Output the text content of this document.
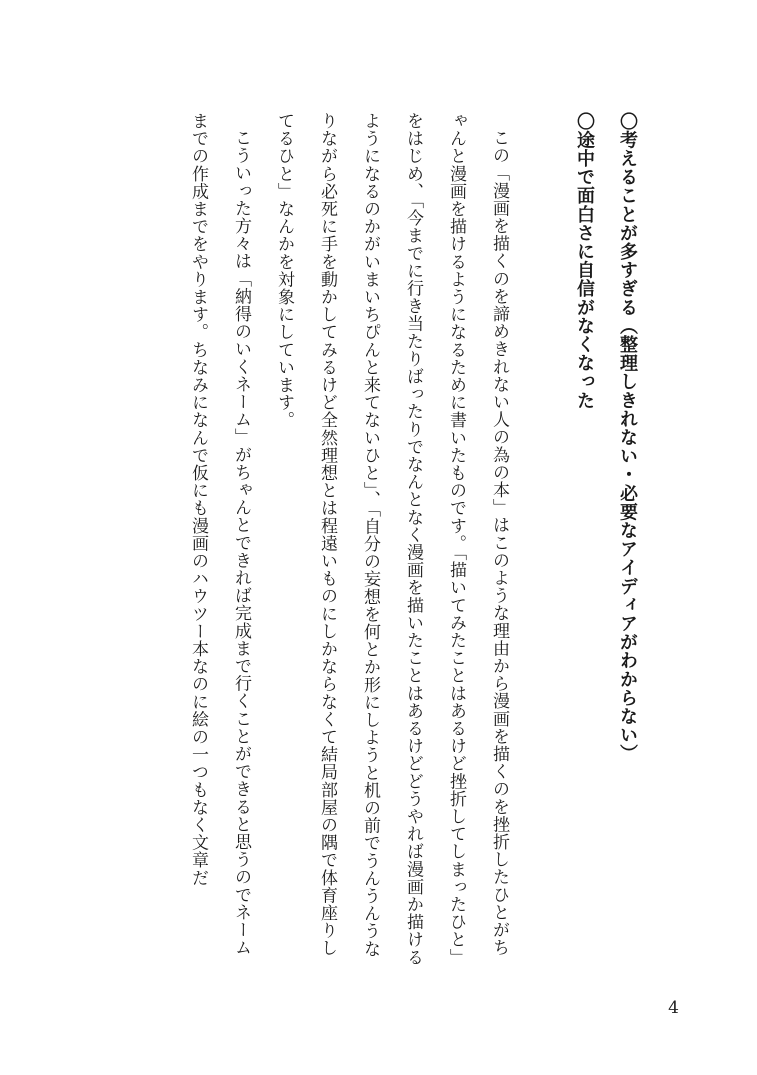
〇考えることが多すぎる（整理しきれない・必要なアイディアがわからない）

〇途中で面白さに自信がなくなった

この「漫画を描くのを諦めきれない人の為の本」はこのような理由から漫画を描くのを挫折したひとがちゃんと漫画を描けるようになるために書いたものです。「描いてみたことはあるけど挫折してしまったひと」をはじめ、「今までに行き当たりばったりでなんとなく漫画を描いたことはあるけどどうやれば漫画か描けるようになるのかがいまいちぴんと来てないひと」、「自分の妄想を何とか形にしようと机の前でうんうんうなりながら必死に手を動かしてみるけど全然理想とは程遠いものにしかならなくて結局部屋の隅で体育座りしてるひと」なんかを対象にしています。

こういった方々は「納得のいくネーム」がちゃんとできれば完成まで行くことができると思うのでネームまでの作成までをやります。ちなみになんで仮にも漫画のハウツー本なのに絵の一つもなく文章だ

4
